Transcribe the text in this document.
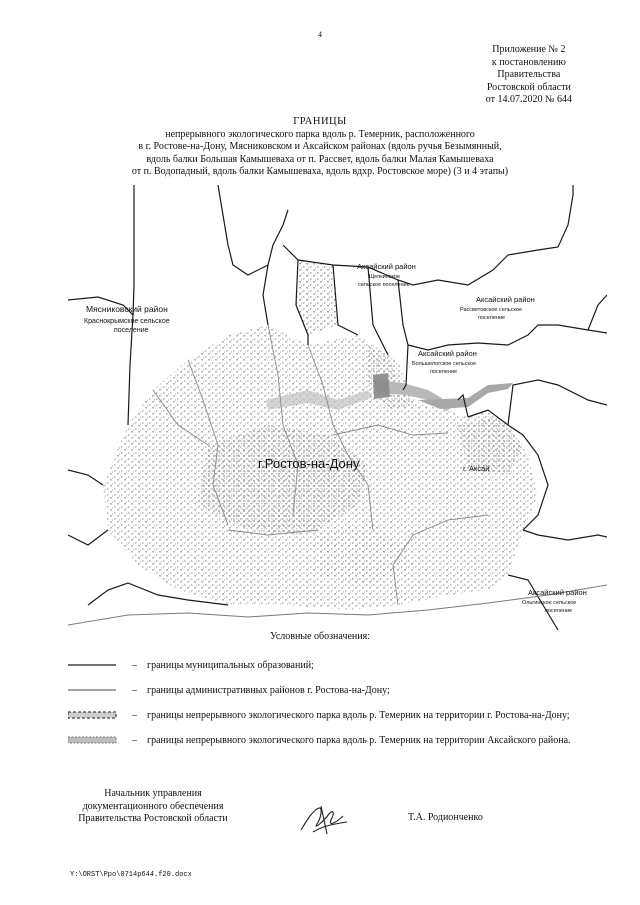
4
Приложение № 2
к постановлению
Правительства
Ростовской области
от 14.07.2020 № 644
ГРАНИЦЫ
непрерывного экологического парка вдоль р. Темерник, расположенного
в г. Ростове-на-Дону, Мясниковском и Аксайском районах (вдоль ручья Безымянный,
вдоль балки Большая Камышеваха от п. Рассвет, вдоль балки Малая Камышеваха
от п. Водопадный, вдоль балки Камышеваха, вдоль вдхр. Ростовское море) (3 и 4 этапы)
г.Ростов-на-Дону	г. Аксай
Мясниковский район
Краснокрымское сельское
поселение
Аксайский район
Щепкинское
сельское поселение
Аксайский район
Рассветовское сельское
поселение
Аксайский район
Большелогское сельское
поселение
Аксайский район
Ольгинское сельское
поселение
Условные обозначения:
– границы муниципальных образований;
– границы административных районов г. Ростова-на-Дону;
– границы непрерывного экологического парка вдоль р. Темерник на территории г. Ростова-на-Дону;
– границы непрерывного экологического парка вдоль р. Темерник на территории Аксайского района.
Начальник управления
документационного обеспечения
Правительства Ростовской области	Т.А. Родионченко
Y:\ORST\Ppo\0714p644.f20.docx
